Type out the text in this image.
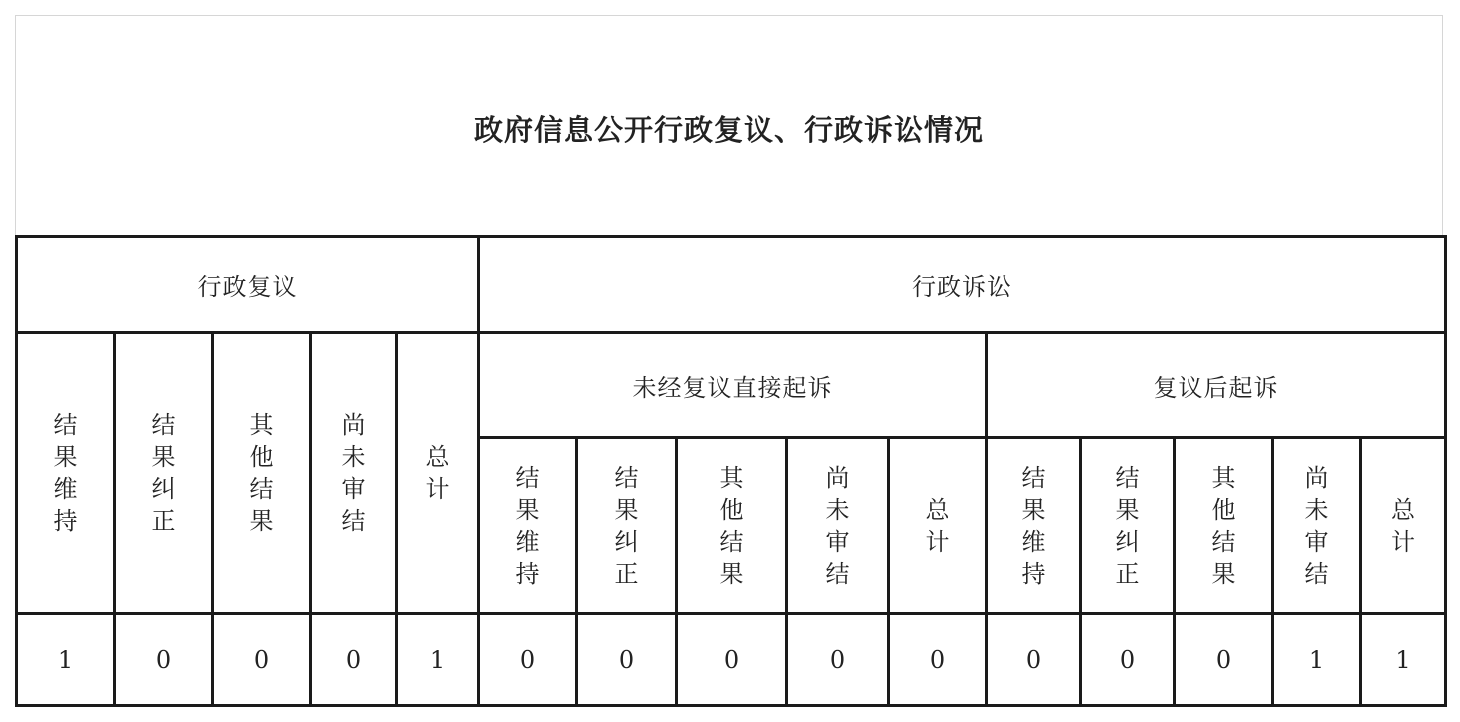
政府信息公开行政复议、行政诉讼情况
行政复议					行政诉讼									
结果维持	结果纠正	其他结果	尚未审结	总计	未经复议直接起诉					复议后起诉				
					结果维持	结果纠正	其他结果	尚未审结	总计	结果维持	结果纠正	其他结果	尚未审结	总计
1	0	0	0	1	0	0	0	0	0	0	0	0	1	1
